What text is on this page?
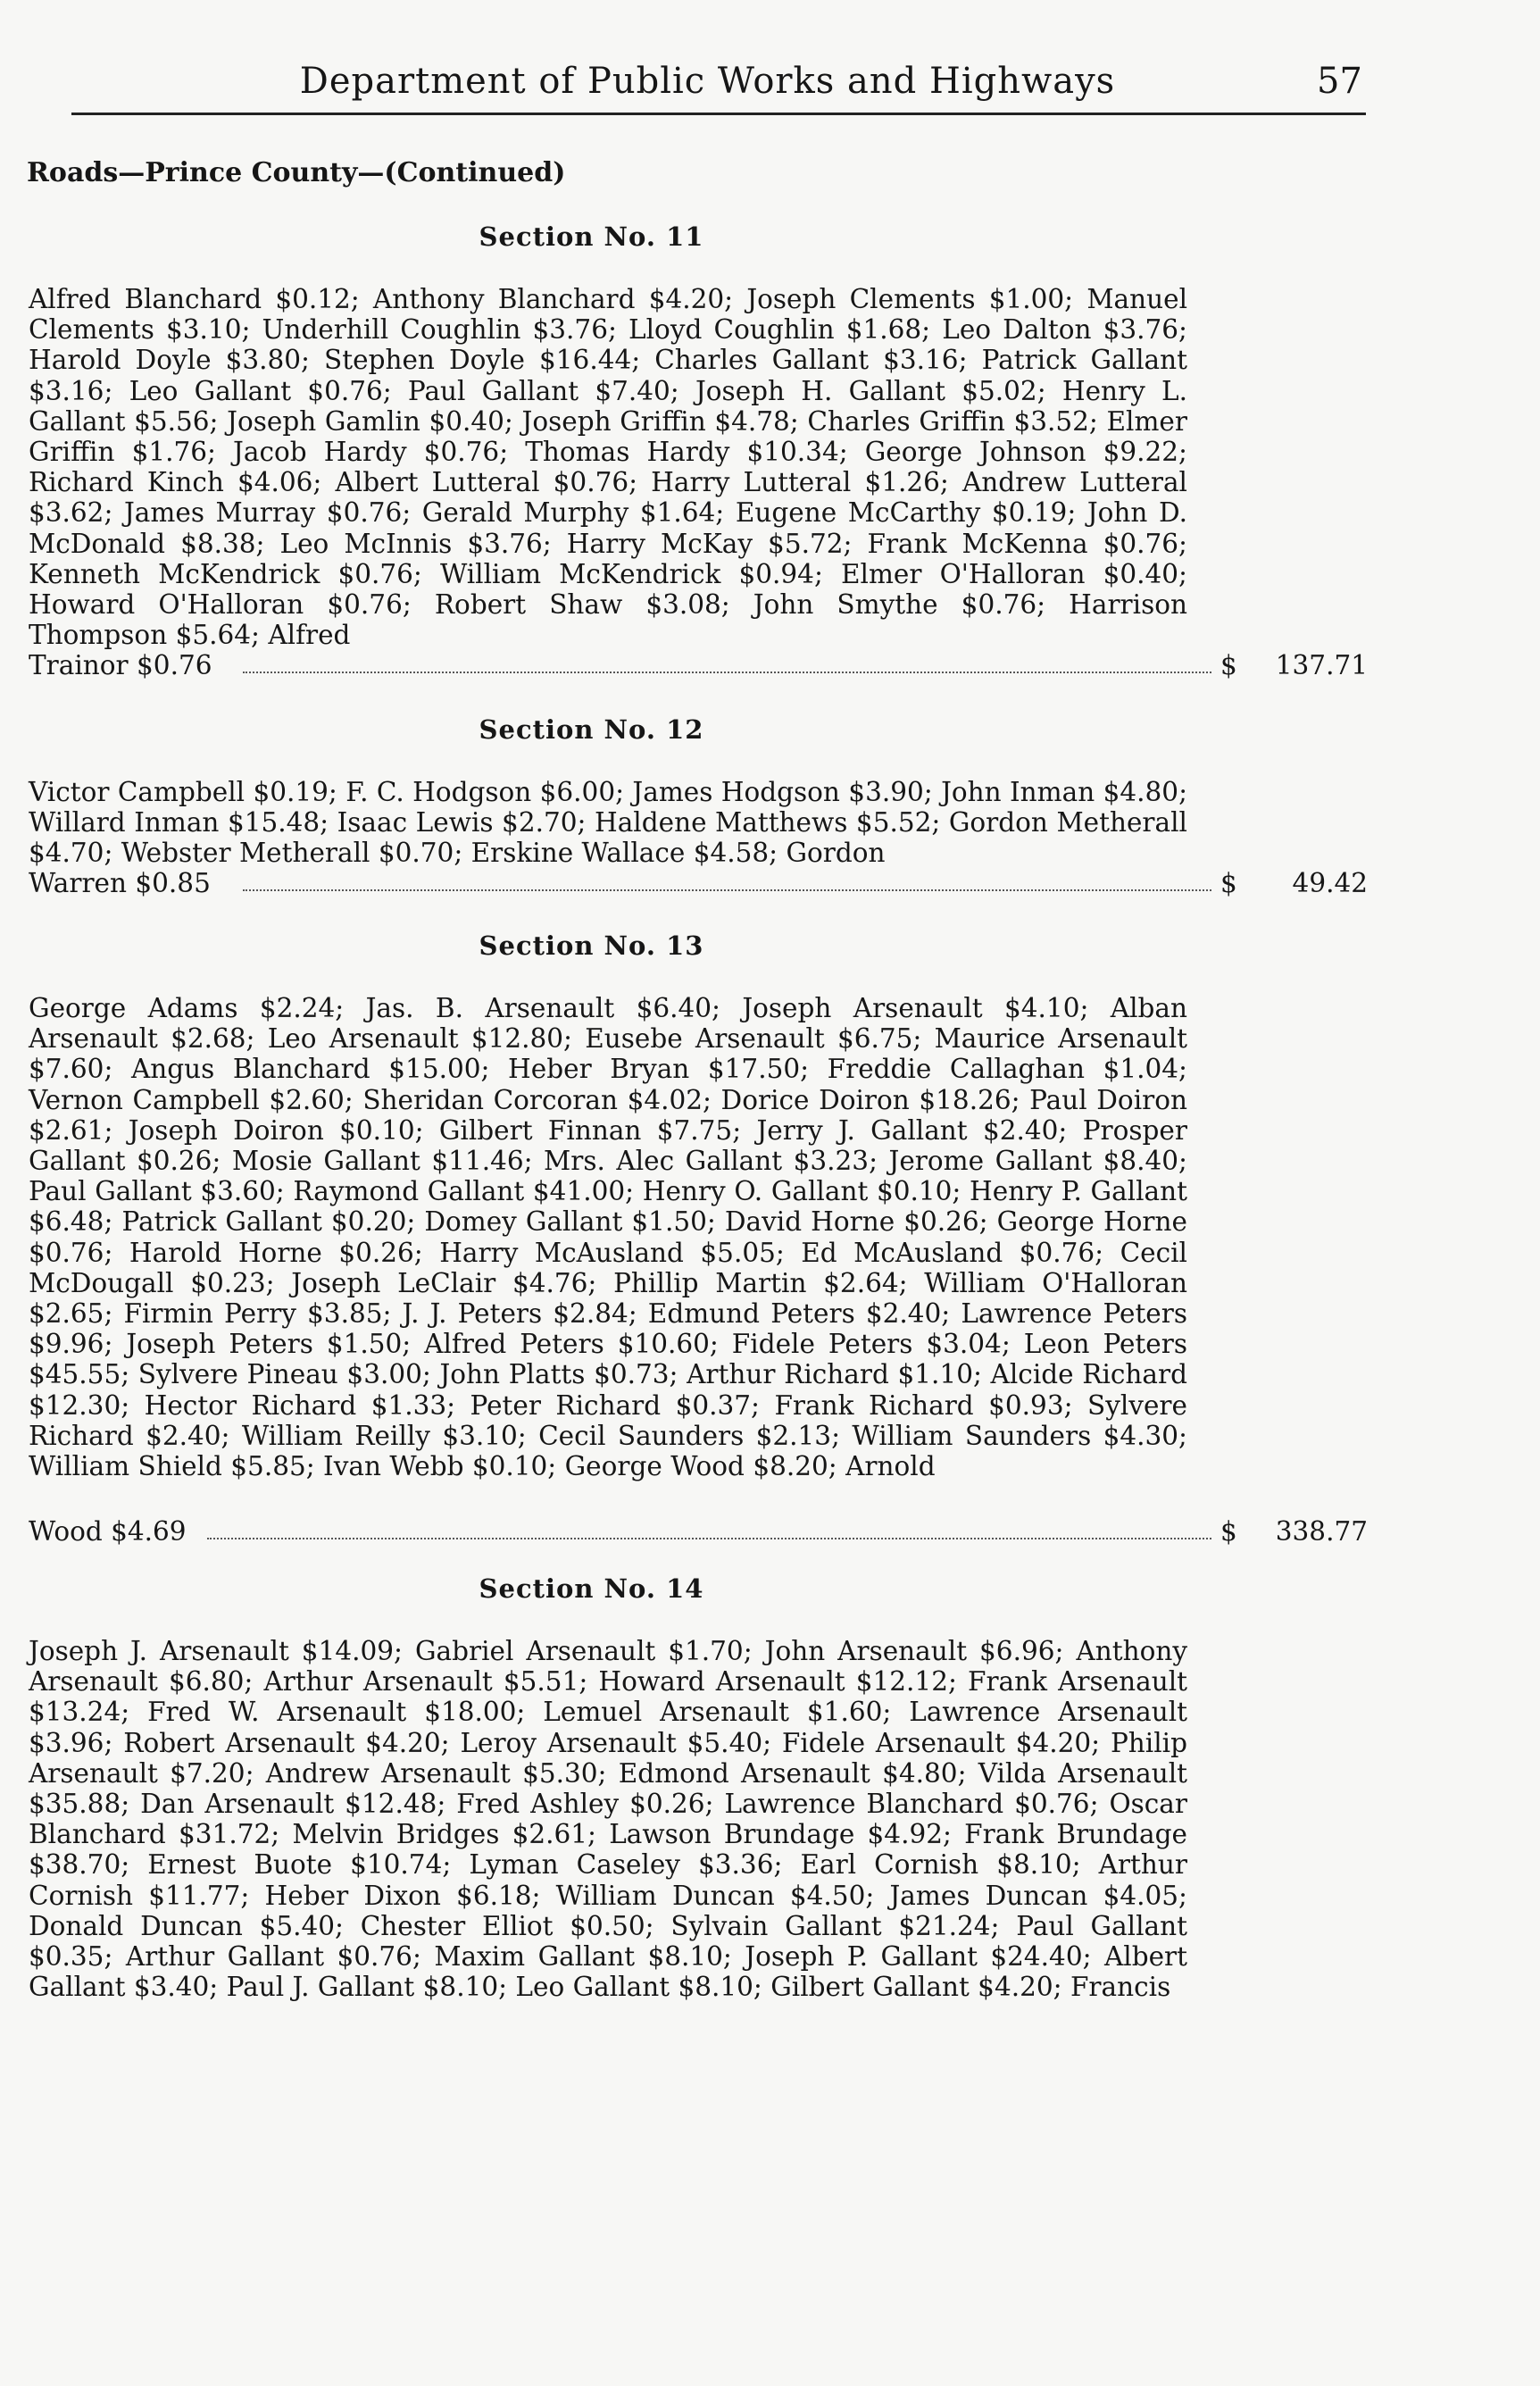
Department of Public Works and Highways	57
Roads—Prince County—(Continued)
Section No. 11
Alfred Blanchard $0.12; Anthony Blanchard $4.20; Joseph Clements $1.00; Manuel Clements $3.10; Underhill Coughlin $3.76; Lloyd Coughlin $1.68; Leo Dalton $3.76; Harold Doyle $3.80; Stephen Doyle $16.44; Charles Gallant $3.16; Patrick Gallant $3.16; Leo Gallant $0.76; Paul Gallant $7.40; Joseph H. Gallant $5.02; Henry L. Gallant $5.56; Joseph Gamlin $0.40; Joseph Griffin $4.78; Charles Griffin $3.52; Elmer Griffin $1.76; Jacob Hardy $0.76; Thomas Hardy $10.34; George Johnson $9.22; Richard Kinch $4.06; Albert Lutteral $0.76; Harry Lutteral $1.26; Andrew Lutteral $3.62; James Murray $0.76; Gerald Murphy $1.64; Eugene McCarthy $0.19; John D. McDonald $8.38; Leo McInnis $3.76; Harry McKay $5.72; Frank McKenna $0.76; Kenneth McKendrick $0.76; William McKendrick $0.94; Elmer O'Halloran $0.40; Howard O'Halloran $0.76; Robert Shaw $3.08; John Smythe $0.76; Harrison Thompson $5.64; Alfred
Trainor $0.76	$ 137.71
Section No. 12
Victor Campbell $0.19; F. C. Hodgson $6.00; James Hodgson $3.90; John Inman $4.80; Willard Inman $15.48; Isaac Lewis $2.70; Haldene Matthews $5.52; Gordon Metherall $4.70; Webster Metherall $0.70; Erskine Wallace $4.58; Gordon
Warren $0.85	$ 49.42
Section No. 13
George Adams $2.24; Jas. B. Arsenault $6.40; Joseph Arsenault $4.10; Alban Arsenault $2.68; Leo Arsenault $12.80; Eusebe Arsenault $6.75; Maurice Arsenault $7.60; Angus Blanchard $15.00; Heber Bryan $17.50; Freddie Callaghan $1.04; Vernon Campbell $2.60; Sheridan Corcoran $4.02; Dorice Doiron $18.26; Paul Doiron $2.61; Joseph Doiron $0.10; Gilbert Finnan $7.75; Jerry J. Gallant $2.40; Prosper Gallant $0.26; Mosie Gallant $11.46; Mrs. Alec Gallant $3.23; Jerome Gallant $8.40; Paul Gallant $3.60; Raymond Gallant $41.00; Henry O. Gallant $0.10; Henry P. Gallant $6.48; Patrick Gallant $0.20; Domey Gallant $1.50; David Horne $0.26; George Horne $0.76; Harold Horne $0.26; Harry McAusland $5.05; Ed McAusland $0.76; Cecil McDougall $0.23; Joseph LeClair $4.76; Phillip Martin $2.64; William O'Halloran $2.65; Firmin Perry $3.85; J. J. Peters $2.84; Edmund Peters $2.40; Lawrence Peters $9.96; Joseph Peters $1.50; Alfred Peters $10.60; Fidele Peters $3.04; Leon Peters $45.55; Sylvere Pineau $3.00; John Platts $0.73; Arthur Richard $1.10; Alcide Richard $12.30; Hector Richard $1.33; Peter Richard $0.37; Frank Richard $0.93; Sylvere Richard $2.40; William Reilly $3.10; Cecil Saunders $2.13; William Saunders $4.30; William Shield $5.85; Ivan Webb $0.10; George Wood $8.20; Arnold
Wood $4.69	$ 338.77
Section No. 14
Joseph J. Arsenault $14.09; Gabriel Arsenault $1.70; John Arsenault $6.96; Anthony Arsenault $6.80; Arthur Arsenault $5.51; Howard Arsenault $12.12; Frank Arsenault $13.24; Fred W. Arsenault $18.00; Lemuel Arsenault $1.60; Lawrence Arsenault $3.96; Robert Arsenault $4.20; Leroy Arsenault $5.40; Fidele Arsenault $4.20; Philip Arsenault $7.20; Andrew Arsenault $5.30; Edmond Arsenault $4.80; Vilda Arsenault $35.88; Dan Arsenault $12.48; Fred Ashley $0.26; Lawrence Blanchard $0.76; Oscar Blanchard $31.72; Melvin Bridges $2.61; Lawson Brundage $4.92; Frank Brundage $38.70; Ernest Buote $10.74; Lyman Caseley $3.36; Earl Cornish $8.10; Arthur Cornish $11.77; Heber Dixon $6.18; William Duncan $4.50; James Duncan $4.05; Donald Duncan $5.40; Chester Elliot $0.50; Sylvain Gallant $21.24; Paul Gallant $0.35; Arthur Gallant $0.76; Maxim Gallant $8.10; Joseph P. Gallant $24.40; Albert Gallant $3.40; Paul J. Gallant $8.10; Leo Gallant $8.10; Gilbert Gallant $4.20; Francis
